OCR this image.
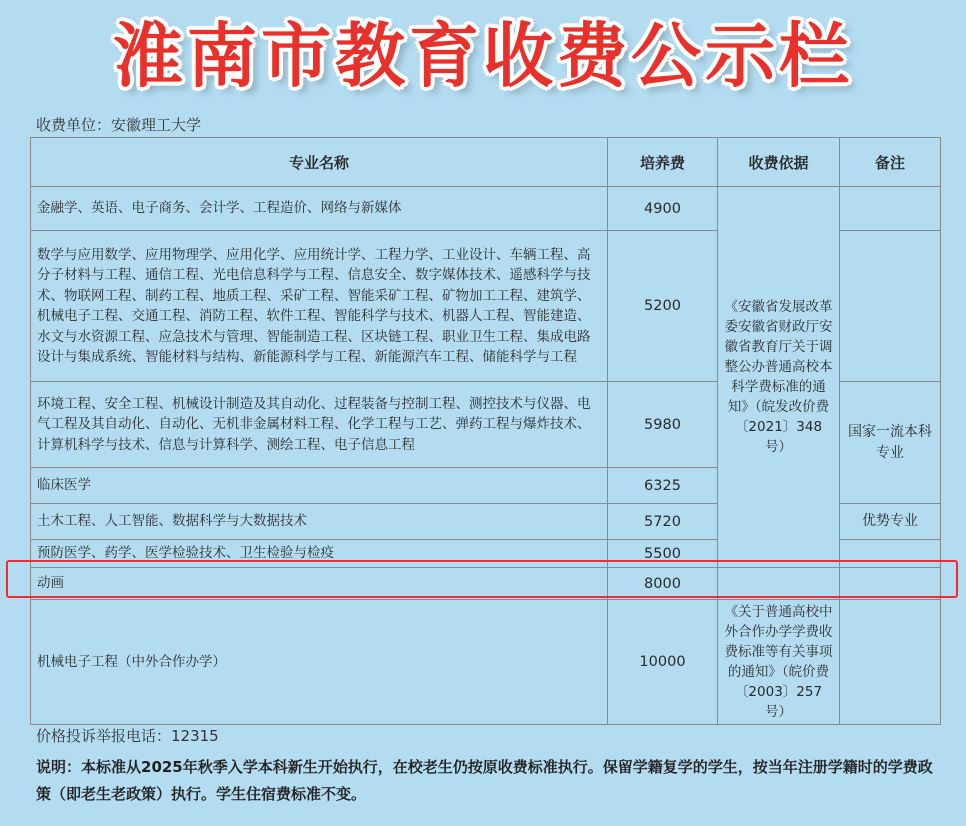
淮南市教育收费公示栏
收费单位：安徽理工大学
专业名称	培养费	收费依据	备注
金融学、英语、电子商务、会计学、工程造价、网络与新媒体	4900	《安徽省发展改革委安徽省财政厅安徽省教育厅关于调整公办普通高校本科学费标准的通知》（皖发改价费〔2021〕348 号）	
数学与应用数学、应用物理学、应用化学、应用统计学、工程力学、工业设计、车辆工程、高分子材料与工程、通信工程、光电信息科学与工程、信息安全、数字媒体技术、遥感科学与技术、物联网工程、制药工程、地质工程、采矿工程、智能采矿工程、矿物加工工程、建筑学、机械电子工程、交通工程、消防工程、软件工程、智能科学与技术、机器人工程、智能建造、水文与水资源工程、应急技术与管理、智能制造工程、区块链工程、职业卫生工程、集成电路设计与集成系统、智能材料与结构、新能源科学与工程、新能源汽车工程、储能科学与工程	5200		
环境工程、安全工程、机械设计制造及其自动化、过程装备与控制工程、测控技术与仪器、电气工程及其自动化、自动化、无机非金属材料工程、化学工程与工艺、弹药工程与爆炸技术、计算机科学与技术、信息与计算科学、测绘工程、电子信息工程	5980		国家一流本科专业
临床医学	6325		
土木工程、人工智能、数据科学与大数据技术	5720		优势专业
预防医学、药学、医学检验技术、卫生检验与检疫	5500		
动画	8000		
机械电子工程（中外合作办学）	10000	《关于普通高校中外合作办学学费收费标准等有关事项的通知》（皖价费〔2003〕257 号）	
价格投诉举报电话：12315
说明：本标准从2025年秋季入学本科新生开始执行，在校老生仍按原收费标准执行。保留学籍复学的学生，按当年注册学籍时的学费政策（即老生老政策）执行。学生住宿费标准不变。
